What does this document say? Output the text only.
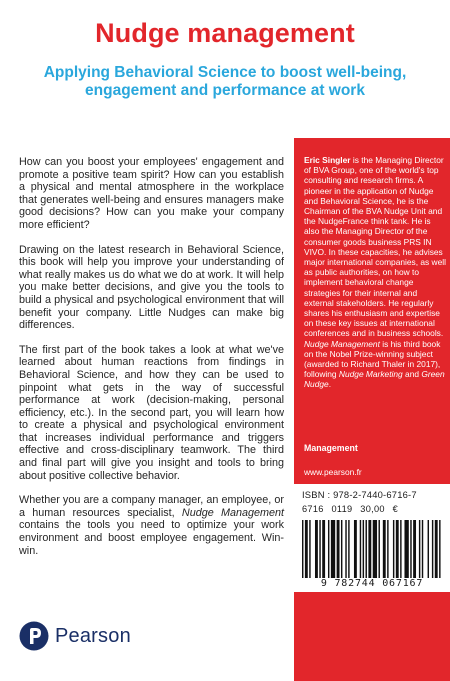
Nudge management
Applying Behavioral Science to boost well-being, engagement and performance at work

How can you boost your employees' engagement and promote a positive team spirit? How can you establish a physical and mental atmosphere in the workplace that generates well-being and ensures managers make good decisions? How can you make your company more efficient?

Drawing on the latest research in Behavioral Science, this book will help you improve your understanding of what really makes us do what we do at work. It will help you make better decisions, and give you the tools to build a physical and psychological environment that will benefit your company. Little Nudges can make big differences.

The first part of the book takes a look at what we've learned about human reactions from findings in Behavioral Science, and how they can be used to pinpoint what gets in the way of successful performance at work (decision-making, personal efficiency, etc.). In the second part, you will learn how to create a physical and psychological environment that increases individual performance and triggers effective and cross-disciplinary teamwork. The third and final part will give you insight and tools to bring about positive collective behavior.

Whether you are a company manager, an employee, or a human resources specialist, Nudge Management contains the tools you need to optimize your work environment and boost employee engagement. Win-win.

Pearson
Eric Singler is the Managing Director of BVA Group, one of the world's top consulting and research firms. A pioneer in the application of Nudge and Behavioral Science, he is the Chairman of the BVA Nudge Unit and the NudgeFrance think tank. He is also the Managing Director of the consumer goods business PRS IN VIVO. In these capacities, he advises major international companies, as well as public authorities, on how to implement behavioral change strategies for their internal and external stakeholders. He regularly shares his enthusiasm and expertise on these key issues at international conferences and in business schools. Nudge Management is his third book on the Nobel Prize-winning subject (awarded to Richard Thaler in 2017), following Nudge Marketing and Green Nudge.
Management
www.pearson.fr
ISBN : 978-2-7440-6716-7
6716 0119 30,00 €
9 782744 067167
